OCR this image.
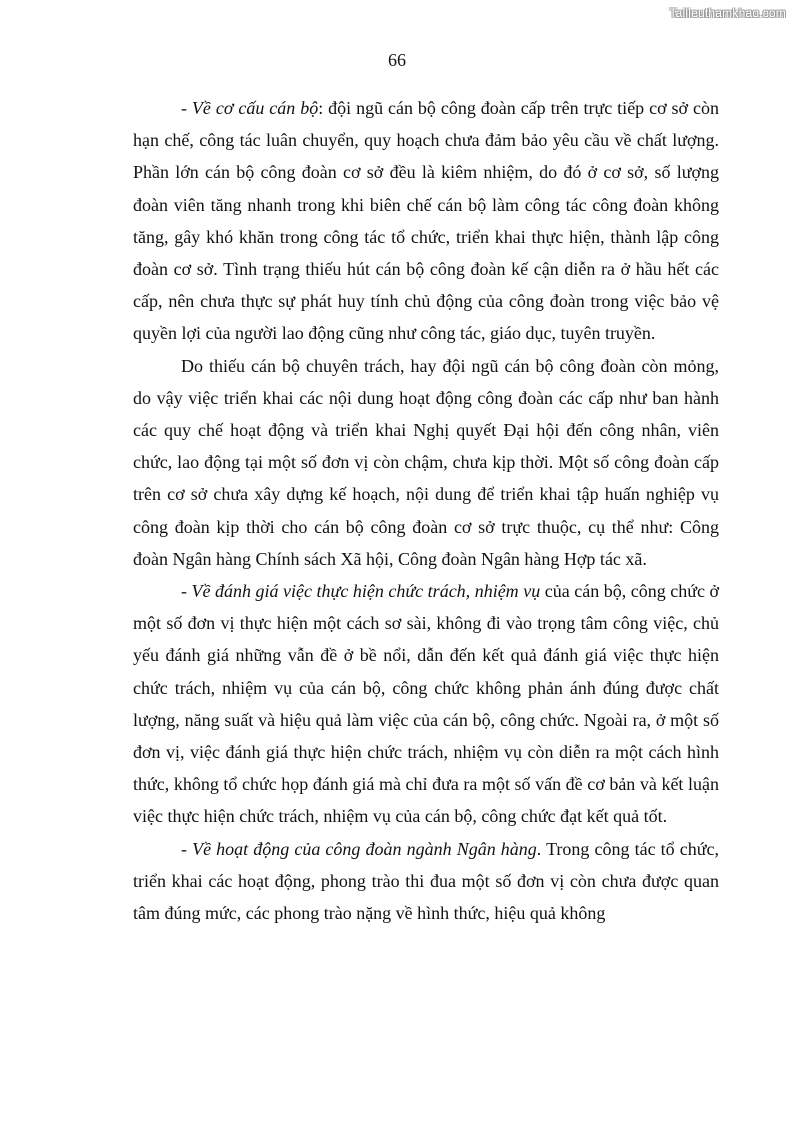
Tailieuthamkhao.com
66

- Về cơ cấu cán bộ: đội ngũ cán bộ công đoàn cấp trên trực tiếp cơ sở còn hạn chế, công tác luân chuyển, quy hoạch chưa đảm bảo yêu cầu về chất lượng. Phần lớn cán bộ công đoàn cơ sở đều là kiêm nhiệm, do đó ở cơ sở, số lượng đoàn viên tăng nhanh trong khi biên chế cán bộ làm công tác công đoàn không tăng, gây khó khăn trong công tác tổ chức, triển khai thực hiện, thành lập công đoàn cơ sở. Tình trạng thiếu hút cán bộ công đoàn kế cận diễn ra ở hầu hết các cấp, nên chưa thực sự phát huy tính chủ động của công đoàn trong việc bảo vệ quyền lợi của người lao động cũng như công tác, giáo dục, tuyên truyền.

Do thiếu cán bộ chuyên trách, hay đội ngũ cán bộ công đoàn còn mỏng, do vậy việc triển khai các nội dung hoạt động công đoàn các cấp như ban hành các quy chế hoạt động và triển khai Nghị quyết Đại hội đến công nhân, viên chức, lao động tại một số đơn vị còn chậm, chưa kịp thời. Một số công đoàn cấp trên cơ sở chưa xây dựng kế hoạch, nội dung để triển khai tập huấn nghiệp vụ công đoàn kịp thời cho cán bộ công đoàn cơ sở trực thuộc, cụ thể như: Công đoàn Ngân hàng Chính sách Xã hội, Công đoàn Ngân hàng Hợp tác xã.

- Về đánh giá việc thực hiện chức trách, nhiệm vụ của cán bộ, công chức ở một số đơn vị thực hiện một cách sơ sài, không đi vào trọng tâm công việc, chủ yếu đánh giá những vẫn đề ở bề nổi, dẫn đến kết quả đánh giá việc thực hiện chức trách, nhiệm vụ của cán bộ, công chức không phản ánh đúng được chất lượng, năng suất và hiệu quả làm việc của cán bộ, công chức. Ngoài ra, ở một số đơn vị, việc đánh giá thực hiện chức trách, nhiệm vụ còn diễn ra một cách hình thức, không tổ chức họp đánh giá mà chỉ đưa ra một số vấn đề cơ bản và kết luận việc thực hiện chức trách, nhiệm vụ của cán bộ, công chức đạt kết quả tốt.

- Về hoạt động của công đoàn ngành Ngân hàng. Trong công tác tổ chức, triển khai các hoạt động, phong trào thi đua một số đơn vị còn chưa được quan tâm đúng mức, các phong trào nặng về hình thức, hiệu quả không
